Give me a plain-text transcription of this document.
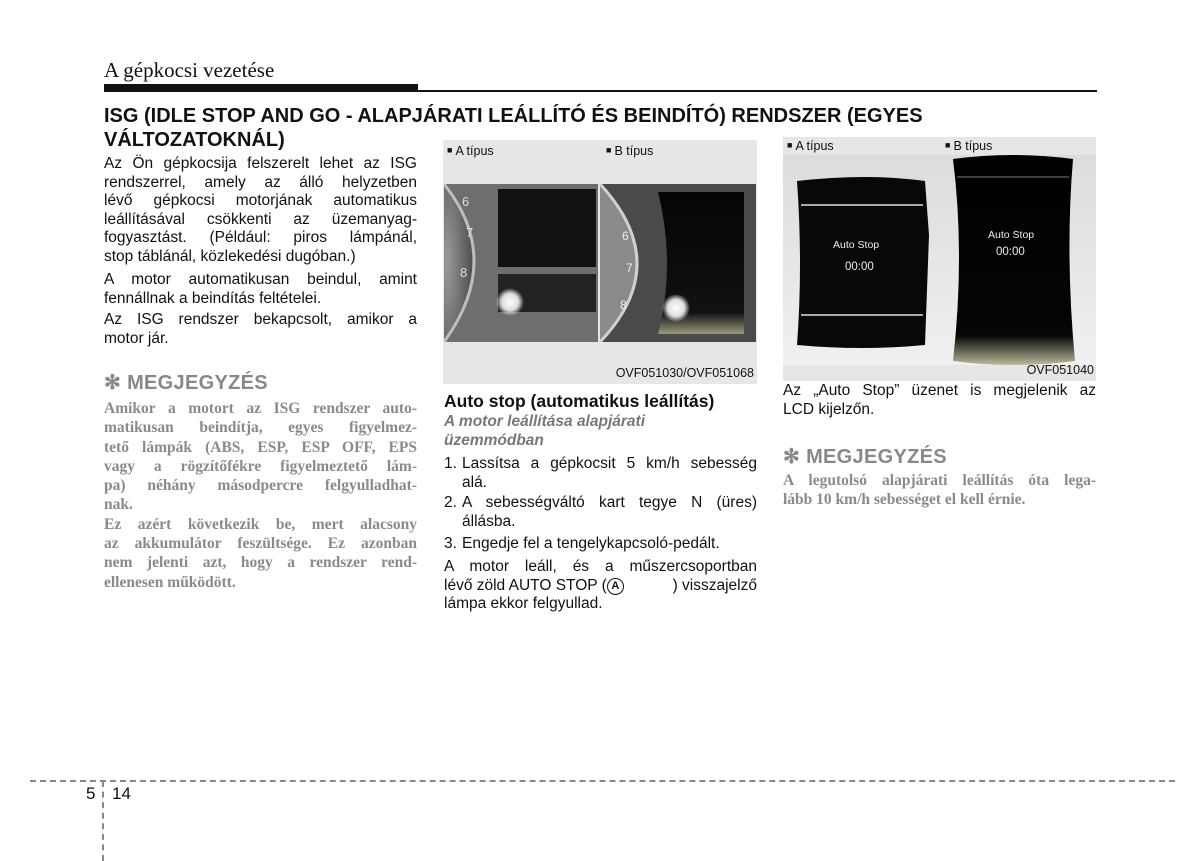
A gépkocsi vezetése
ISG (IDLE STOP AND GO - ALAPJÁRATI LEÁLLÍTÓ ÉS BEINDÍTÓ) RENDSZER (EGYES
VÁLTOZATOKNÁL)
Az Ön gépkocsija felszerelt lehet az ISG
rendszerrel, amely az álló helyzetben
lévő gépkocsi motorjának automatikus
leállításával csökkenti az üzemanyag-
fogyasztást. (Például: piros lámpánál,
stop táblánál, közlekedési dugóban.)
A motor automatikusan beindul, amint
fennállnak a beindítás feltételei.
Az ISG rendszer bekapcsolt, amikor a
motor jár.
✻ MEGJEGYZÉS
Amikor a motort az ISG rendszer auto-
matikusan beindítja, egyes figyelmez-
tető lámpák (ABS, ESP, ESP OFF, EPS
vagy a rögzítőfékre figyelmeztető lám-
pa) néhány másodpercre felgyulladhat-
nak.
Ez azért következik be, mert alacsony
az akkumulátor feszültsége. Ez azonban
nem jelenti azt, hogy a rendszer rend-
ellenesen működött.
■ A típus	■ B típus
6
7
8
6
7
8
OVF051030/OVF051068
Auto stop (automatikus leállítás)
A motor leállítása alapjárati
üzemmódban
1. Lassítsa a gépkocsit 5 km/h sebesség
alá.
2. A sebességváltó kart tegye N (üres)
állásba.
3. Engedje fel a tengelykapcsoló-pedált.
A motor leáll, és a műszercsoportban
lévő zöld AUTO STOP ( A	) visszajelző
lámpa ekkor felgyullad.
■ A típus	■ B típus
Auto Stop
00:00
Auto Stop
00:00
OVF051040
Az „Auto Stop” üzenet is megjelenik az
LCD kijelzőn.
✻ MEGJEGYZÉS
A legutolsó alapjárati leállítás óta lega-
lább 10 km/h sebességet el kell érnie.
5 14
